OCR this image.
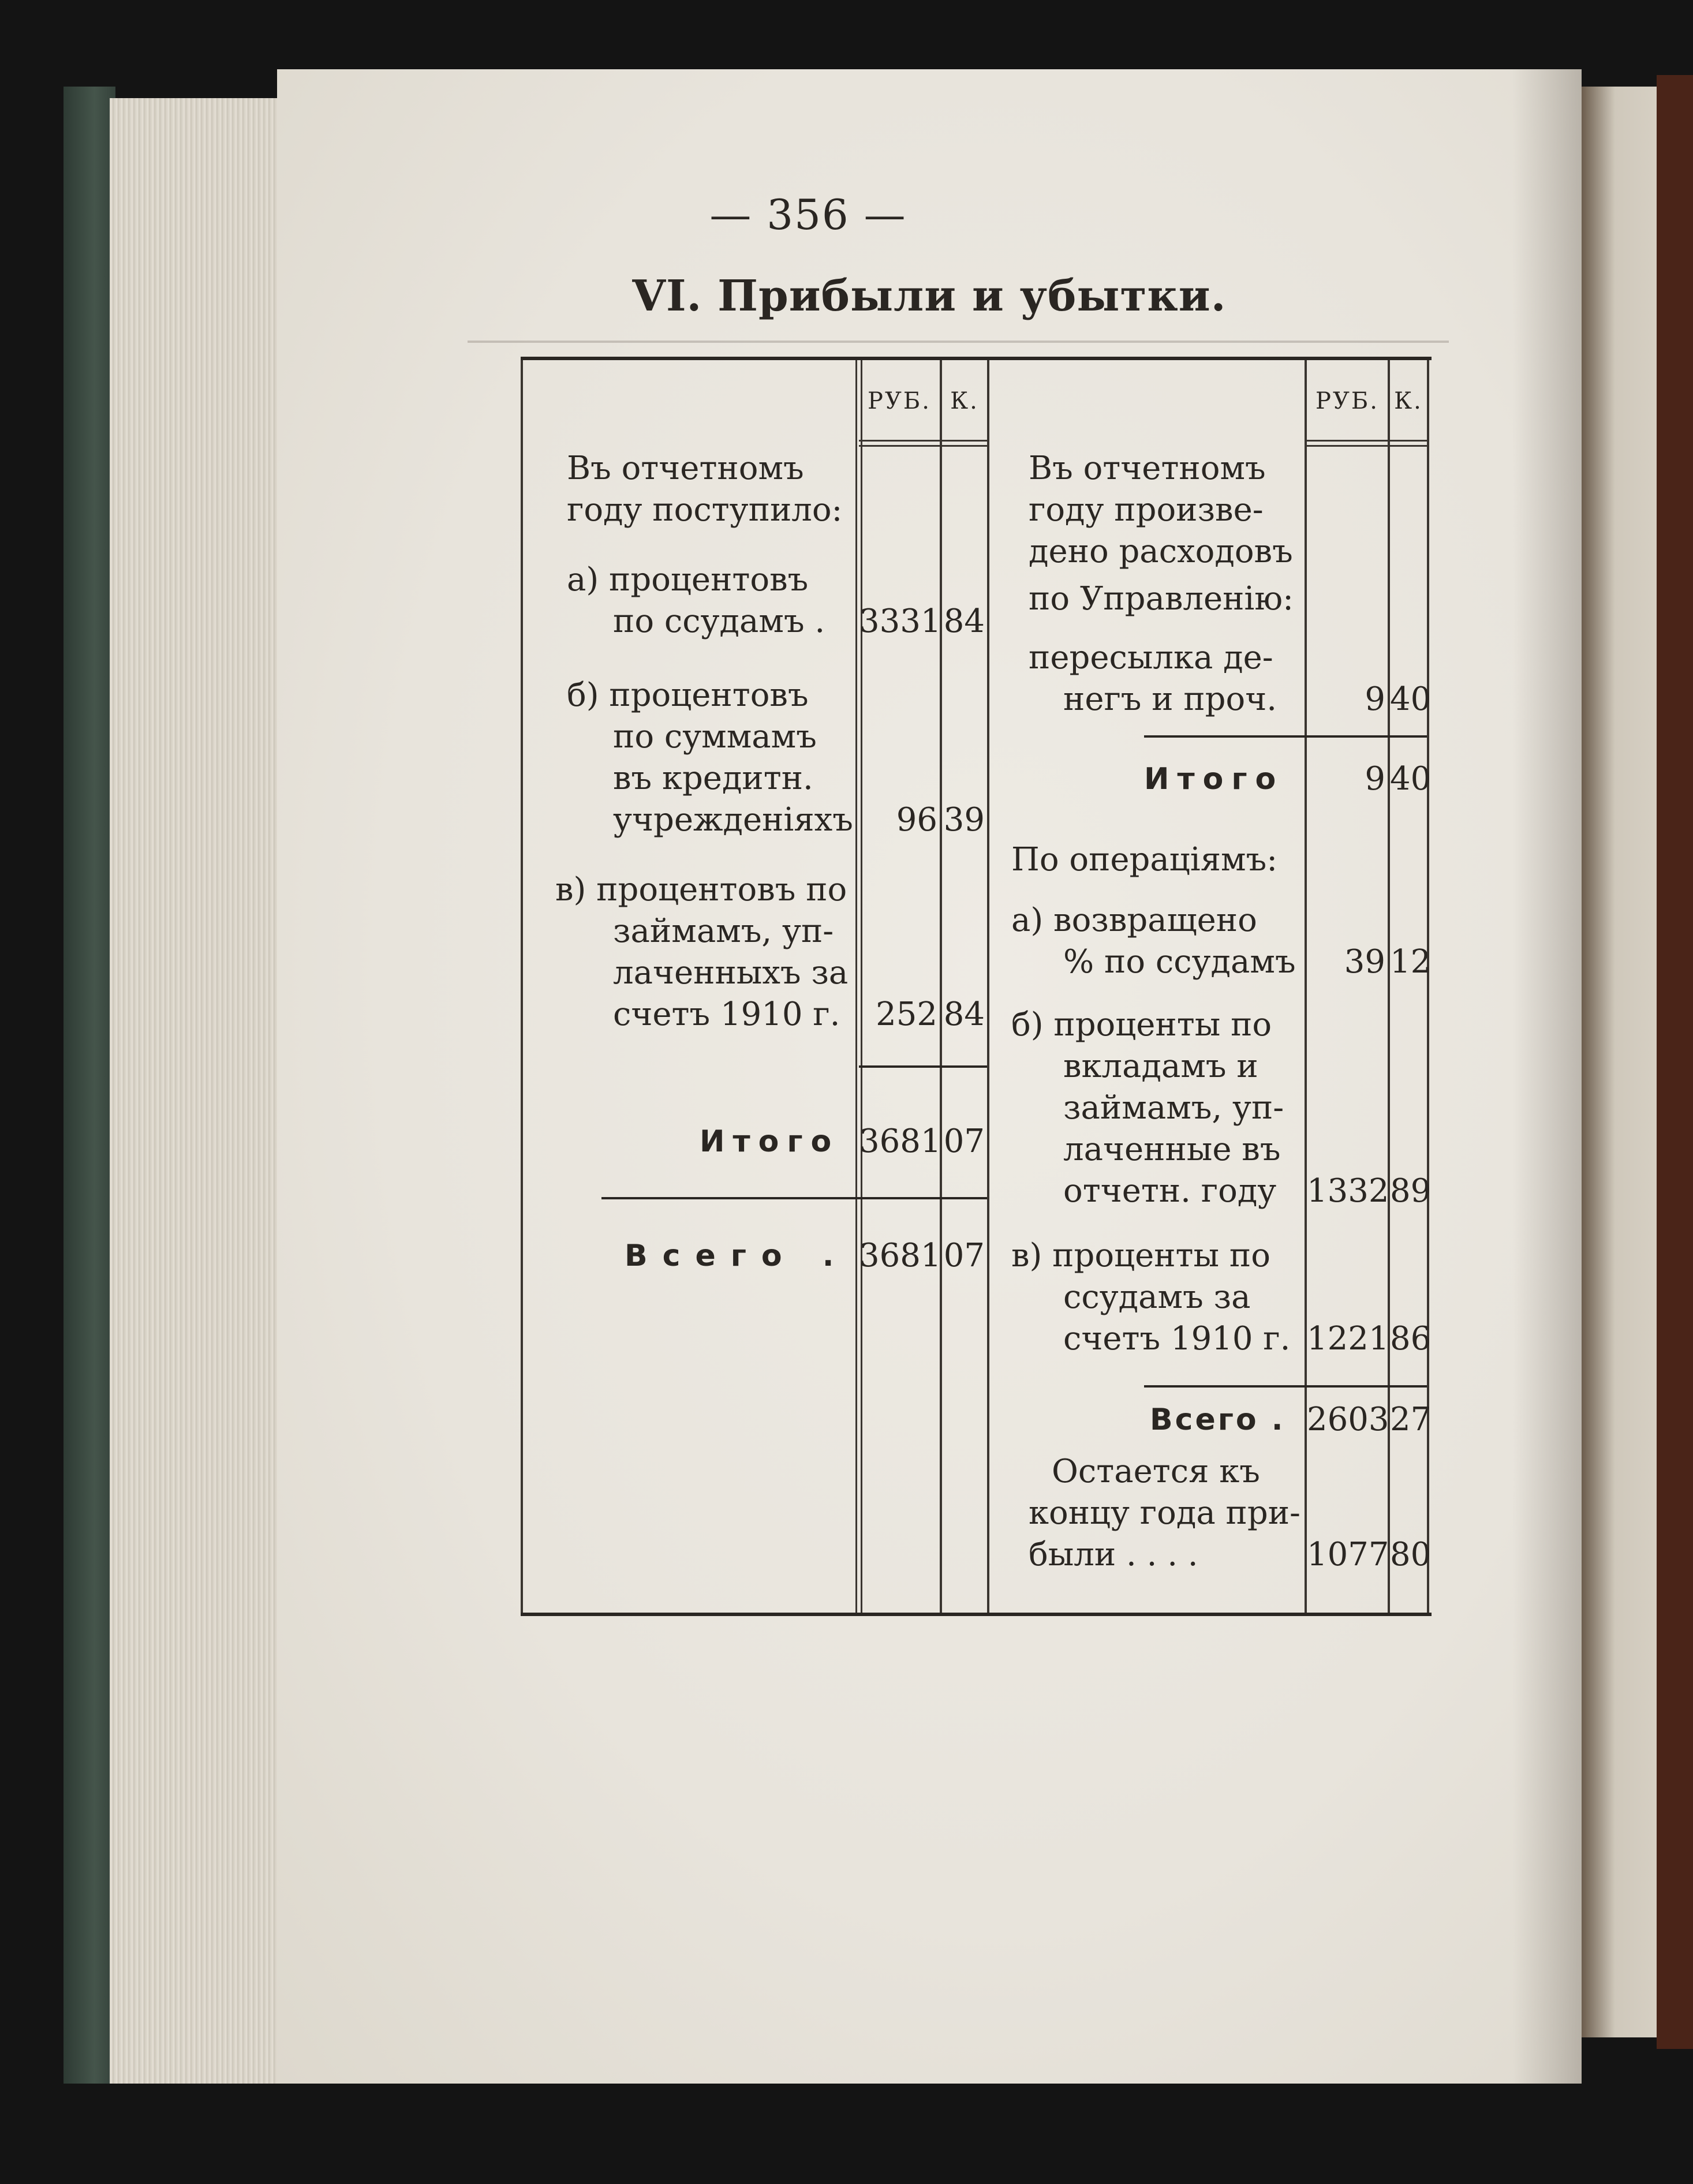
— 356 —
VI. Прибыли и убытки.
РУБ. К.	РУБ. К.
Въ отчетномъ
году поступило:
а) процентовъ
по ссудамъ . 3331 84
б) процентовъ
по суммамъ
въ кредитн.
учрежденіяхъ	96 39
в) процентовъ по
займамъ, уп-
лаченныхъ за
счетъ 1910 г.	252 84
Итого 3681 07
Всего . 3681 07
Въ отчетномъ
году произве-
дено расходовъ
по Управленію:
пересылка де-
негъ и проч.	9 40
Итого	9 40
По операціямъ:
а) возвращено
% по ссудамъ	39 12
б) проценты по
вкладамъ и
займамъ, уп-
лаченные въ
отчетн. году 1332 89
в) проценты по
ссудамъ за
счетъ 1910 г. 1221 86
Всего . 2603 27
Остается къ
концу года при-
были . . . .	1077 80
